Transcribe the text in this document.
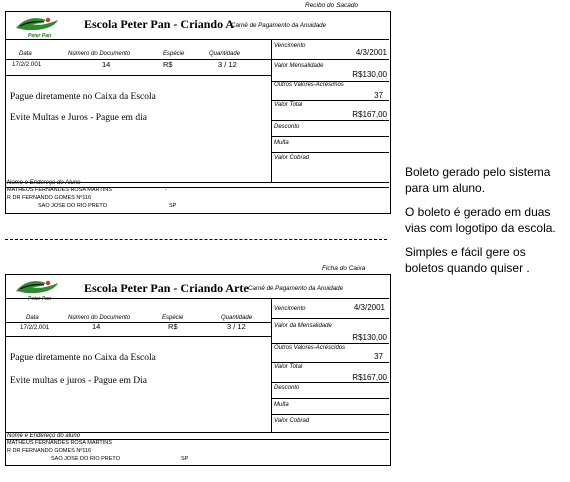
Recibo do Sacado
Peter Pan
Escola Peter Pan - Criando A
Carnê de Pagamento da Anuidade
Data	Número do Documento	Espécie	Quantidade
17/2/2.001	14	R$	3 / 12
Pague diretamente no Caixa da Escola
Evite Multas e Juros - Pague em dia
Vencimento
4/3/2001
Valor Mensalidade
R$130,00
Outros Valores-Acrésimos
37
Valor Total
R$167,00
Desconto
Multa
Valor Cobrad
Nome e Endereço do Aluno
MATHEUS FERNANDES ROSA MARTINS	-
R DR FERNANDO GOMES Nº116
SAO JOSE DO RIO PRETO	SP
Ficha do Caixa
Peter Pan
Escola Peter Pan - Criando Arte Carnê de Pagamento da Anuidade
Data	Número do Documento	Espécie	Quantidade
17/2/2.001	14	R$	3 / 12
Pague diretamente no Caixa da Escola
Evite multas e juros - Pague em Dia
Vencimento	4/3/2001
Valor da Mensalidade
R$130,00
Outros Valores-Acréscidos
37
Valor Total
R$167,00
Desconto
Multa
Valor Cobrad
Nome e Endereço do aluno
MATHEUS FERNANDES ROSA MARTINS
R DR FERNANDO GOMES Nº116
SAO JOSE DO RIO PRETO	SP

Boleto gerado pelo sistema para um aluno.

O boleto é gerado em duas vias com logotipo da escola.

Simples e fácil gere os boletos quando quiser .
